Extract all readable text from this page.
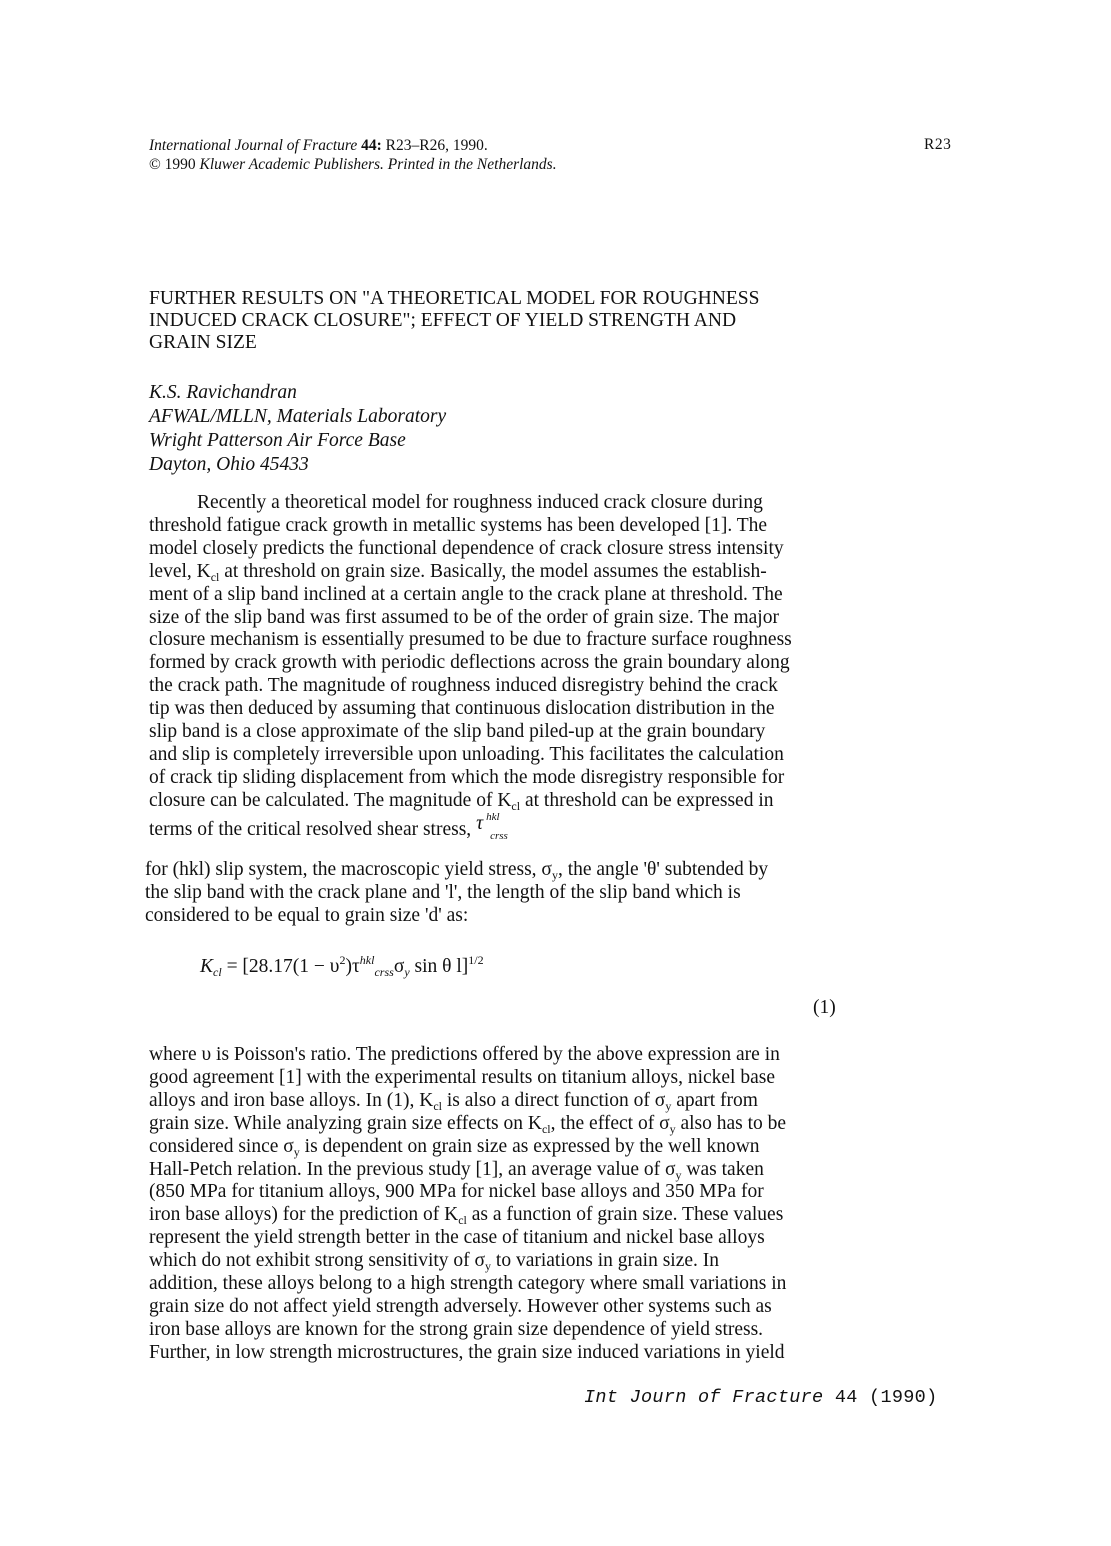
International Journal of Fracture 44: R23–R26, 1990.
© 1990 Kluwer Academic Publishers. Printed in the Netherlands.
R23
FURTHER RESULTS ON "A THEORETICAL MODEL FOR ROUGHNESS
INDUCED CRACK CLOSURE"; EFFECT OF YIELD STRENGTH AND
GRAIN SIZE
K.S. Ravichandran
AFWAL/MLLN, Materials Laboratory
Wright Patterson Air Force Base
Dayton, Ohio 45433
Recently a theoretical model for roughness induced crack closure during
threshold fatigue crack growth in metallic systems has been developed [1]. The
model closely predicts the functional dependence of crack closure stress intensity
level, $K_{cl}$ at threshold on grain size. Basically, the model assumes the establish-
ment of a slip band inclined at a certain angle to the crack plane at threshold. The
size of the slip band was first assumed to be of the order of grain size. The major
closure mechanism is essentially presumed to be due to fracture surface roughness
formed by crack growth with periodic deflections across the grain boundary along
the crack path. The magnitude of roughness induced disregistry behind the crack
tip was then deduced by assuming that continuous dislocation distribution in the
slip band is a close approximate of the slip band piled-up at the grain boundary
and slip is completely irreversible upon unloading. This facilitates the calculation
of crack tip sliding displacement from which the mode disregistry responsible for
closure can be calculated. The magnitude of $K_{cl}$ at threshold can be expressed in
terms of the critical resolved shear stress, τ hkl
crss
for (hkl) slip system, the macroscopic yield stress, $\sigma_y$, the angle 'θ' subtended by
the slip band with the crack plane and 'l', the length of the slip band which is
considered to be equal to grain size 'd' as:
$K_{cl} = [28.17(1 - \upsilon^2)\tau^{hkl}_{crss}\sigma_y$ sin θ l]$^{1/2}$
(1)
where υ is Poisson's ratio. The predictions offered by the above expression are in
good agreement [1] with the experimental results on titanium alloys, nickel base
alloys and iron base alloys. In (1), $K_{cl}$ is also a direct function of $\sigma_y$ apart from
grain size. While analyzing grain size effects on $K_{cl}$, the effect of $\sigma_y$ also has to be
considered since $\sigma_y$ is dependent on grain size as expressed by the well known
Hall-Petch relation. In the previous study [1], an average value of $\sigma_y$ was taken
(850 MPa for titanium alloys, 900 MPa for nickel base alloys and 350 MPa for
iron base alloys) for the prediction of $K_{cl}$ as a function of grain size. These values
represent the yield strength better in the case of titanium and nickel base alloys
which do not exhibit strong sensitivity of $\sigma_y$ to variations in grain size. In
addition, these alloys belong to a high strength category where small variations in
grain size do not affect yield strength adversely. However other systems such as
iron base alloys are known for the strong grain size dependence of yield stress.
Further, in low strength microstructures, the grain size induced variations in yield
Int Journ of Fracture 44 (1990)
